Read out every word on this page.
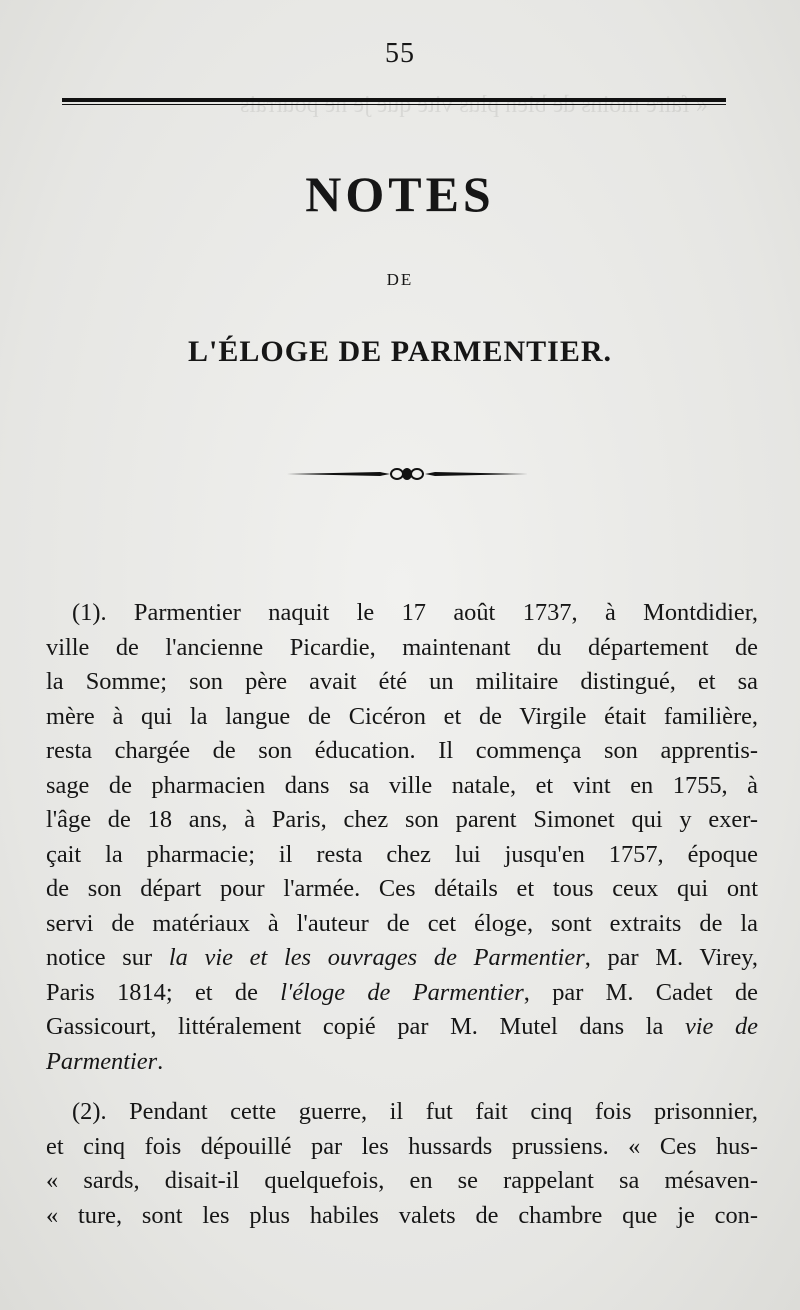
« faire moins de bien plus vite que je ne pourrais
55
NOTES
DE
L'ÉLOGE DE PARMENTIER.
(1). Parmentier naquit le 17 août 1737, à Montdidier,
ville de l'ancienne Picardie, maintenant du département de
la Somme; son père avait été un militaire distingué, et sa
mère à qui la langue de Cicéron et de Virgile était familière,
resta chargée de son éducation. Il commença son apprentis-
sage de pharmacien dans sa ville natale, et vint en 1755, à
l'âge de 18 ans, à Paris, chez son parent Simonet qui y exer-
çait la pharmacie; il resta chez lui jusqu'en 1757, époque
de son départ pour l'armée. Ces détails et tous ceux qui ont
servi de matériaux à l'auteur de cet éloge, sont extraits de la
notice sur la vie et les ouvrages de Parmentier, par M. Virey,
Paris 1814; et de l'éloge de Parmentier, par M. Cadet de
Gassicourt, littéralement copié par M. Mutel dans la vie de
Parmentier.
(2). Pendant cette guerre, il fut fait cinq fois prisonnier,
et cinq fois dépouillé par les hussards prussiens. « Ces hus-
« sards, disait-il quelquefois, en se rappelant sa mésaven-
« ture, sont les plus habiles valets de chambre que je con-
